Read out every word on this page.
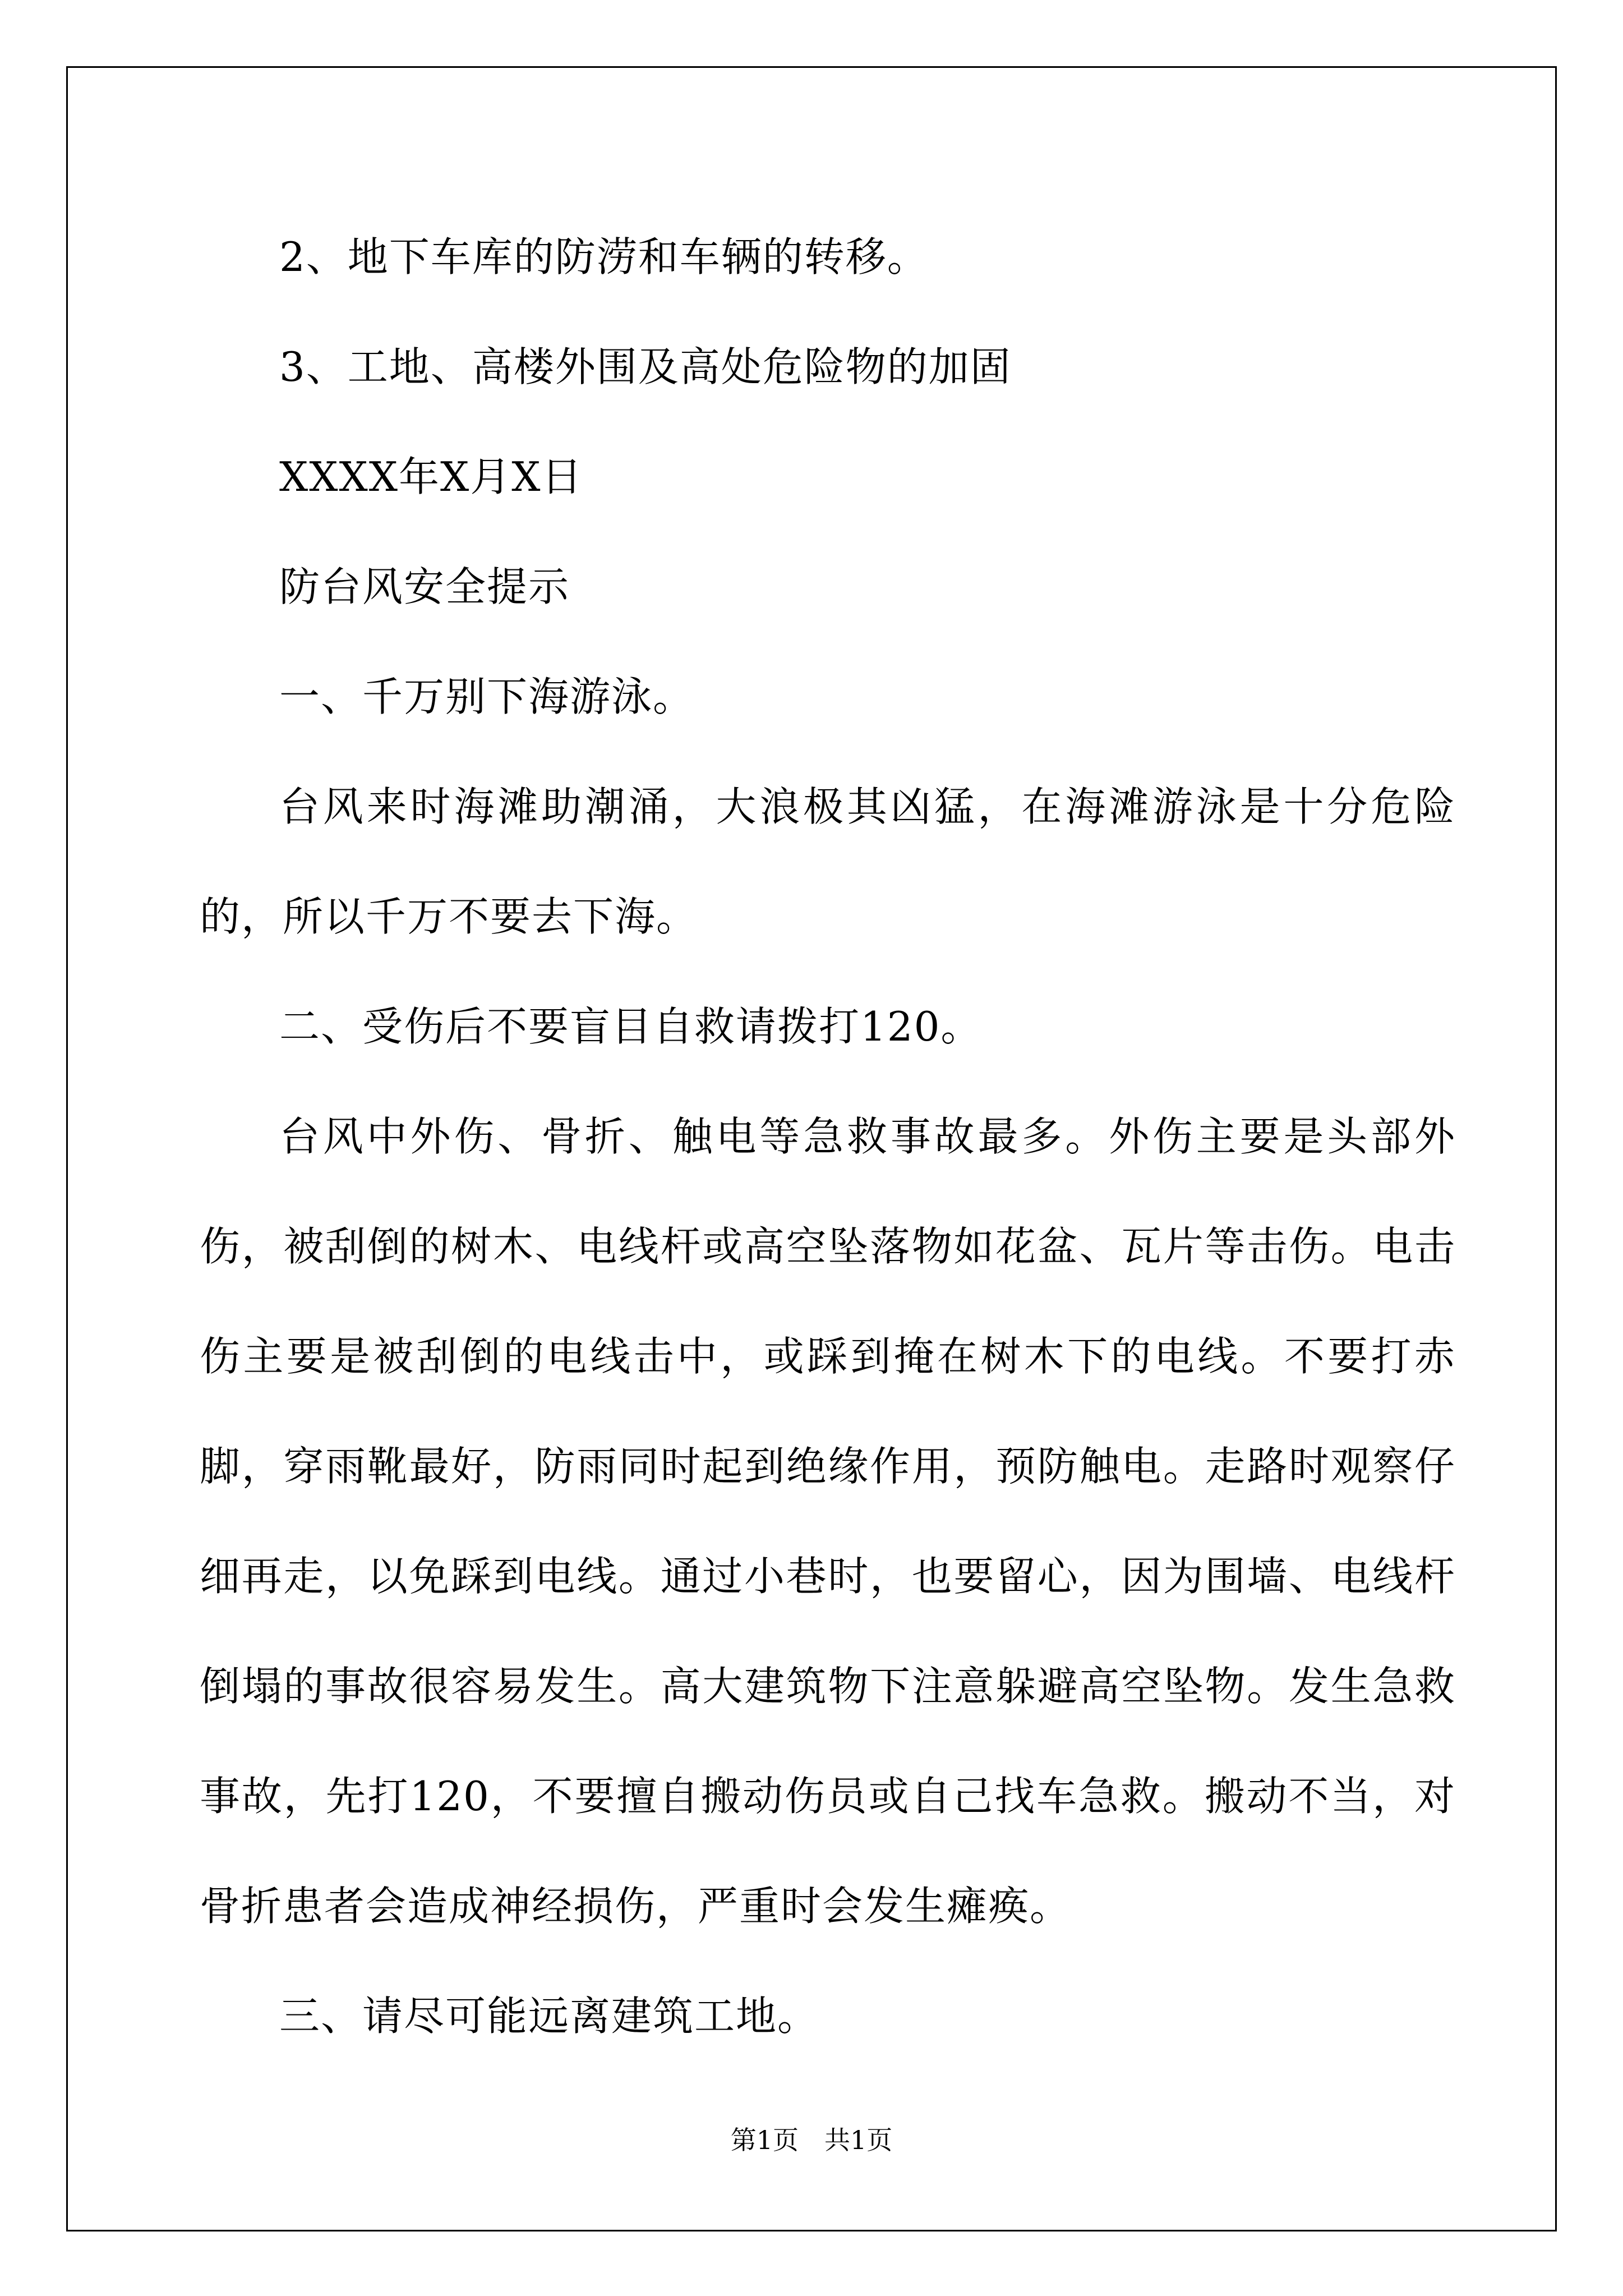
2、地下车库的防涝和车辆的转移。

3、工地、高楼外围及高处危险物的加固

XXXX年X月X日

防台风安全提示

一、千万别下海游泳。

台风来时海滩助潮涌，大浪极其凶猛，在海滩游泳是十分危险的，所以千万不要去下海。

二、受伤后不要盲目自救请拨打120。

台风中外伤、骨折、触电等急救事故最多。外伤主要是头部外伤，被刮倒的树木、电线杆或高空坠落物如花盆、瓦片等击伤。电击伤主要是被刮倒的电线击中，或踩到掩在树木下的电线。不要打赤脚，穿雨靴最好，防雨同时起到绝缘作用，预防触电。走路时观察仔细再走，以免踩到电线。通过小巷时，也要留心，因为围墙、电线杆倒塌的事故很容易发生。高大建筑物下注意躲避高空坠物。发生急救事故，先打120，不要擅自搬动伤员或自己找车急救。搬动不当，对骨折患者会造成神经损伤，严重时会发生瘫痪。

三、请尽可能远离建筑工地。

第1页　共1页
